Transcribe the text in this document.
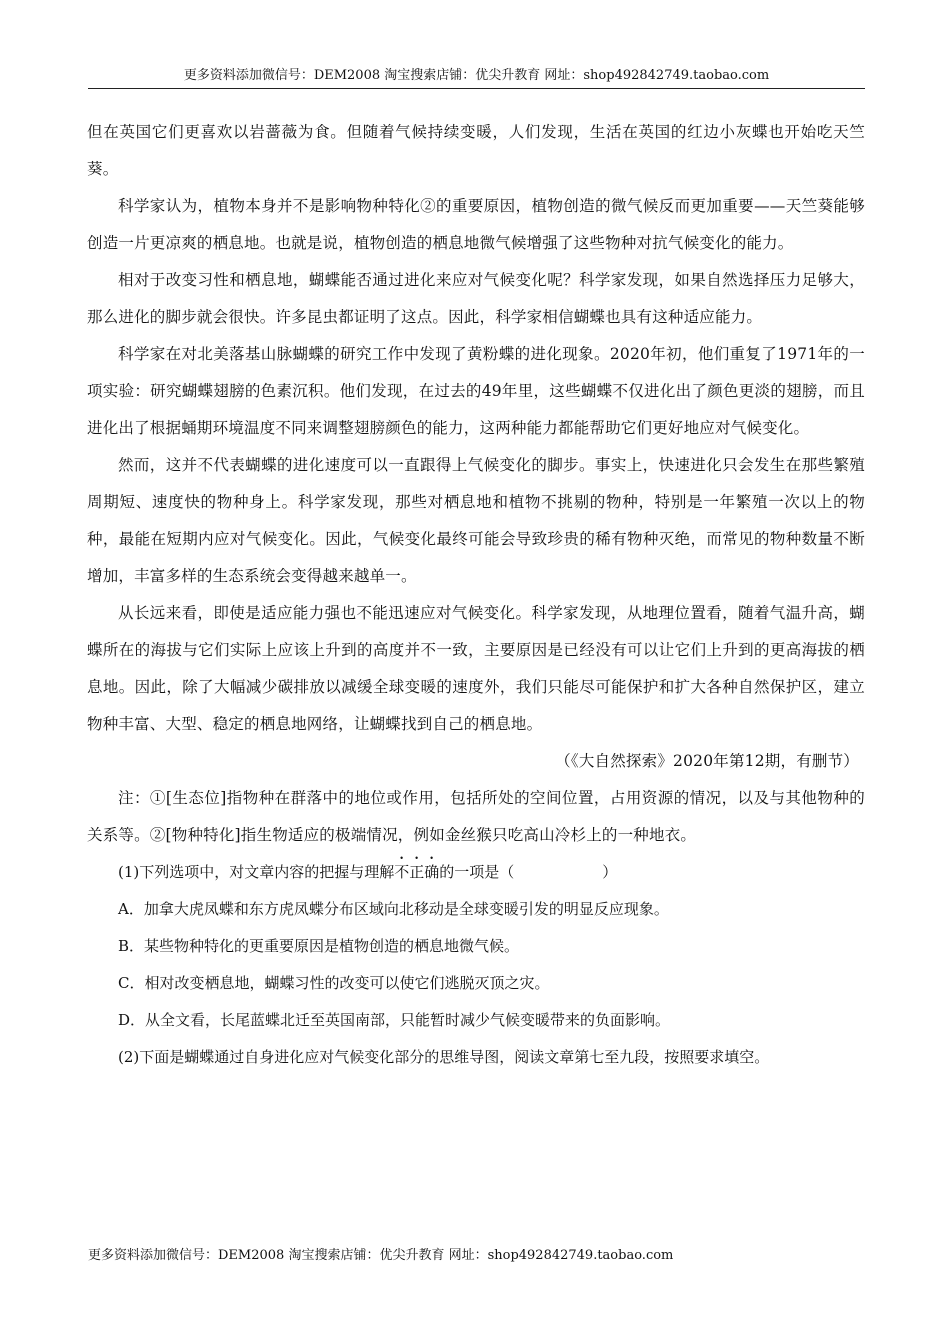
更多资料添加微信号：DEM2008 淘宝搜索店铺：优尖升教育 网址：shop492842749.taobao.com

但在英国它们更喜欢以岩蔷薇为食。但随着气候持续变暖，人们发现，生活在英国的红边小灰蝶也开始吃天竺葵。

科学家认为，植物本身并不是影响物种特化②的重要原因，植物创造的微气候反而更加重要——天竺葵能够创造一片更凉爽的栖息地。也就是说，植物创造的栖息地微气候增强了这些物种对抗气候变化的能力。

相对于改变习性和栖息地，蝴蝶能否通过进化来应对气候变化呢？科学家发现，如果自然选择压力足够大，那么进化的脚步就会很快。许多昆虫都证明了这点。因此，科学家相信蝴蝶也具有这种适应能力。

科学家在对北美落基山脉蝴蝶的研究工作中发现了黄粉蝶的进化现象。2020年初，他们重复了1971年的一项实验：研究蝴蝶翅膀的色素沉积。他们发现，在过去的49年里，这些蝴蝶不仅进化出了颜色更淡的翅膀，而且进化出了根据蛹期环境温度不同来调整翅膀颜色的能力，这两种能力都能帮助它们更好地应对气候变化。

然而，这并不代表蝴蝶的进化速度可以一直跟得上气候变化的脚步。事实上，快速进化只会发生在那些繁殖周期短、速度快的物种身上。科学家发现，那些对栖息地和植物不挑剔的物种，特别是一年繁殖一次以上的物种，最能在短期内应对气候变化。因此，气候变化最终可能会导致珍贵的稀有物种灭绝，而常见的物种数量不断增加，丰富多样的生态系统会变得越来越单一。

从长远来看，即使是适应能力强也不能迅速应对气候变化。科学家发现，从地理位置看，随着气温升高，蝴蝶所在的海拔与它们实际上应该上升到的高度并不一致，主要原因是已经没有可以让它们上升到的更高海拔的栖息地。因此，除了大幅减少碳排放以减缓全球变暖的速度外，我们只能尽可能保护和扩大各种自然保护区，建立物种丰富、大型、稳定的栖息地网络，让蝴蝶找到自己的栖息地。

（《大自然探索》2020年第12期，有删节）

注：①[生态位]指物种在群落中的地位或作用，包括所处的空间位置，占用资源的情况，以及与其他物种的关系等。②[物种特化]指生物适应的极端情况，例如金丝猴只吃高山冷杉上的一种地衣。

(1)下列选项中，对文章内容的把握与理解不正确的一项是（	）

A．加拿大虎凤蝶和东方虎凤蝶分布区域向北移动是全球变暖引发的明显反应现象。

B．某些物种特化的更重要原因是植物创造的栖息地微气候。

C．相对改变栖息地，蝴蝶习性的改变可以使它们逃脱灭顶之灾。

D．从全文看，长尾蓝蝶北迁至英国南部，只能暂时减少气候变暖带来的负面影响。

(2)下面是蝴蝶通过自身进化应对气候变化部分的思维导图，阅读文章第七至九段，按照要求填空。

更多资料添加微信号：DEM2008 淘宝搜索店铺：优尖升教育 网址：shop492842749.taobao.com
